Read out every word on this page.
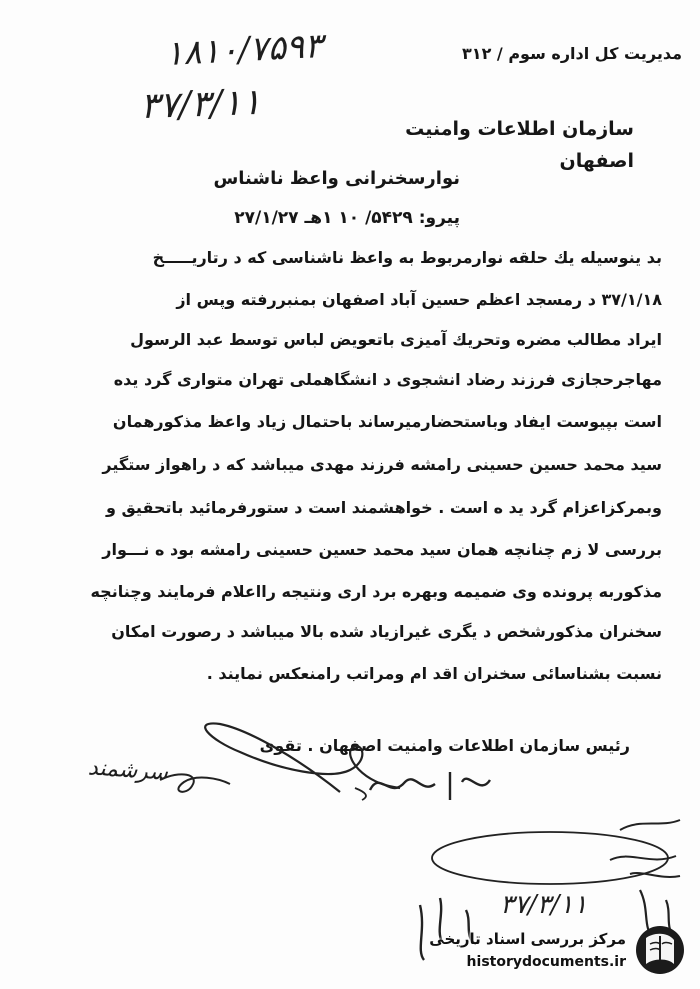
۱۸۱۰/۷۵۹۳
۳۷/۳/۱۱
مدیریت کل اداره سوم / ۳۱۲
سازمان اطلاعات وامنیت
اصفهان
نوارسخنرانی واعظ ناشناس
پیرو: ۵۴۲۹/ ۱۰ ۱هـ ۲۷/۱/۲۷
بد ینوسیله یك حلقه نوارمربوط به واعظ ناشناسی که د رتاریـــــخ
۳۷/۱/۱۸ د رمسجد اعظم حسین آباد اصفهان بمنبررفته وپس از
ایراد مطالب مضره وتحریك آمیزی باتعویض لباس توسط عبد الرسول
مهاجرحجازی فرزند رضاد انشجوی د انشگاهملی تهران متواری گرد یده
است بپیوست ایفاد وباستحضارمیرساند باحتمال زیاد واعظ مذکورهمان
سید محمد حسین حسینی رامشه فرزند مهدی میباشد که د راهواز ستگیر
وبمرکزاعزام گرد ید ه است . خواهشمند است د ستورفرمائید باتحقیق و
بررسی لا زم چنانچه همان سید محمد حسین حسینی رامشه بود ه نـــوار
مذکوربه پرونده وی ضمیمه وبهره برد اری ونتیجه رااعلام فرمایند وچنانچه
سخنران مذکورشخص د یگری غیرازیاد شده بالا میباشد د رصورت امکان
نسبت بشناسائی سخنران اقد ام ومراتب رامنعکس نمایند .
رئیس سازمان اطلاعات وامنیت اصفهان . تقوی
سرشمند
۳۷/۳/۱۱
مرکز بررسی اسناد تاریخی
historydocuments.ir
